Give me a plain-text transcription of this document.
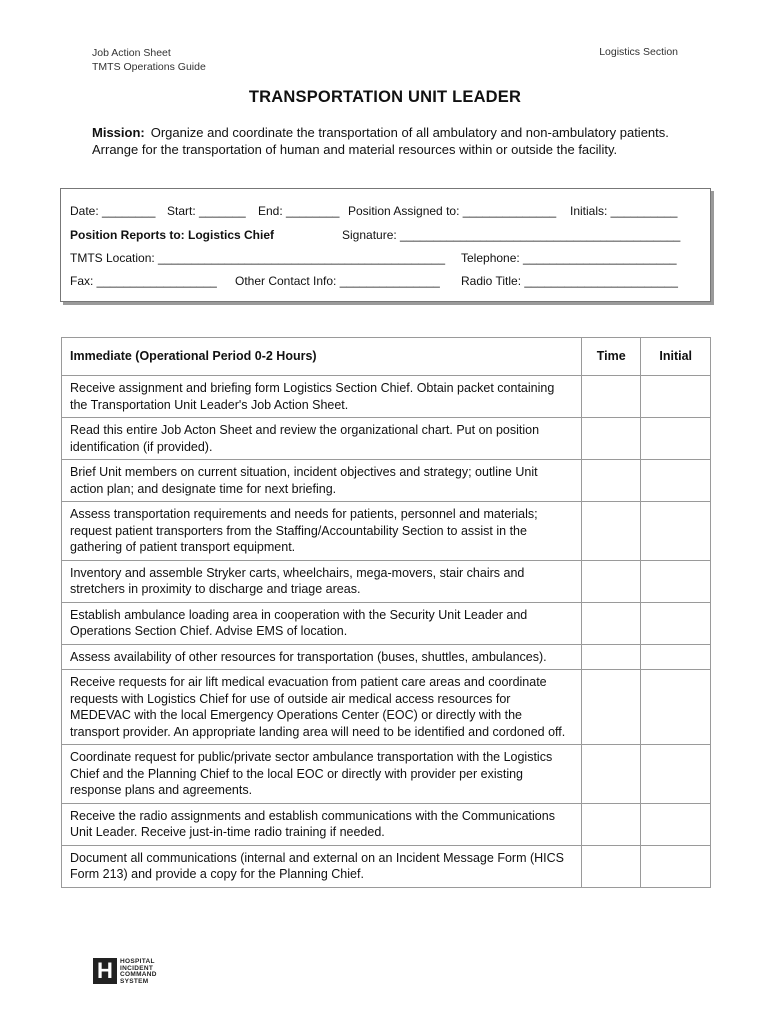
Job Action Sheet
TMTS Operations Guide
Logistics Section
TRANSPORTATION UNIT LEADER
Mission: Organize and coordinate the transportation of all ambulatory and non-ambulatory patients. Arrange for the transportation of human and material resources within or outside the facility.
Date: ________ Start: _______ End: ________ Position Assigned to: ______________ Initials: __________
Position Reports to: Logistics Chief	Signature: __________________________________________
TMTS Location: ___________________________________________ Telephone: _______________________
Fax: __________________ Other Contact Info: _______________ Radio Title: _______________________
Immediate (Operational Period 0-2 Hours)	Time	Initial
Receive assignment and briefing form Logistics Section Chief. Obtain packet containing the Transportation Unit Leader's Job Action Sheet.		
Read this entire Job Acton Sheet and review the organizational chart. Put on position identification (if provided).		
Brief Unit members on current situation, incident objectives and strategy; outline Unit action plan; and designate time for next briefing.		
Assess transportation requirements and needs for patients, personnel and materials; request patient transporters from the Staffing/Accountability Section to assist in the gathering of patient transport equipment.		
Inventory and assemble Stryker carts, wheelchairs, mega-movers, stair chairs and stretchers in proximity to discharge and triage areas.		
Establish ambulance loading area in cooperation with the Security Unit Leader and Operations Section Chief. Advise EMS of location.		
Assess availability of other resources for transportation (buses, shuttles, ambulances).		
Receive requests for air lift medical evacuation from patient care areas and coordinate requests with Logistics Chief for use of outside air medical access resources for MEDEVAC with the local Emergency Operations Center (EOC) or directly with the transport provider. An appropriate landing area will need to be identified and cordoned off.		
Coordinate request for public/private sector ambulance transportation with the Logistics Chief and the Planning Chief to the local EOC or directly with provider per existing response plans and agreements.		
Receive the radio assignments and establish communications with the Communications Unit Leader. Receive just-in-time radio training if needed.		
Document all communications (internal and external on an Incident Message Form (HICS Form 213) and provide a copy for the Planning Chief.		
H	HOSPITAL
INCIDENT
COMMAND
SYSTEM
